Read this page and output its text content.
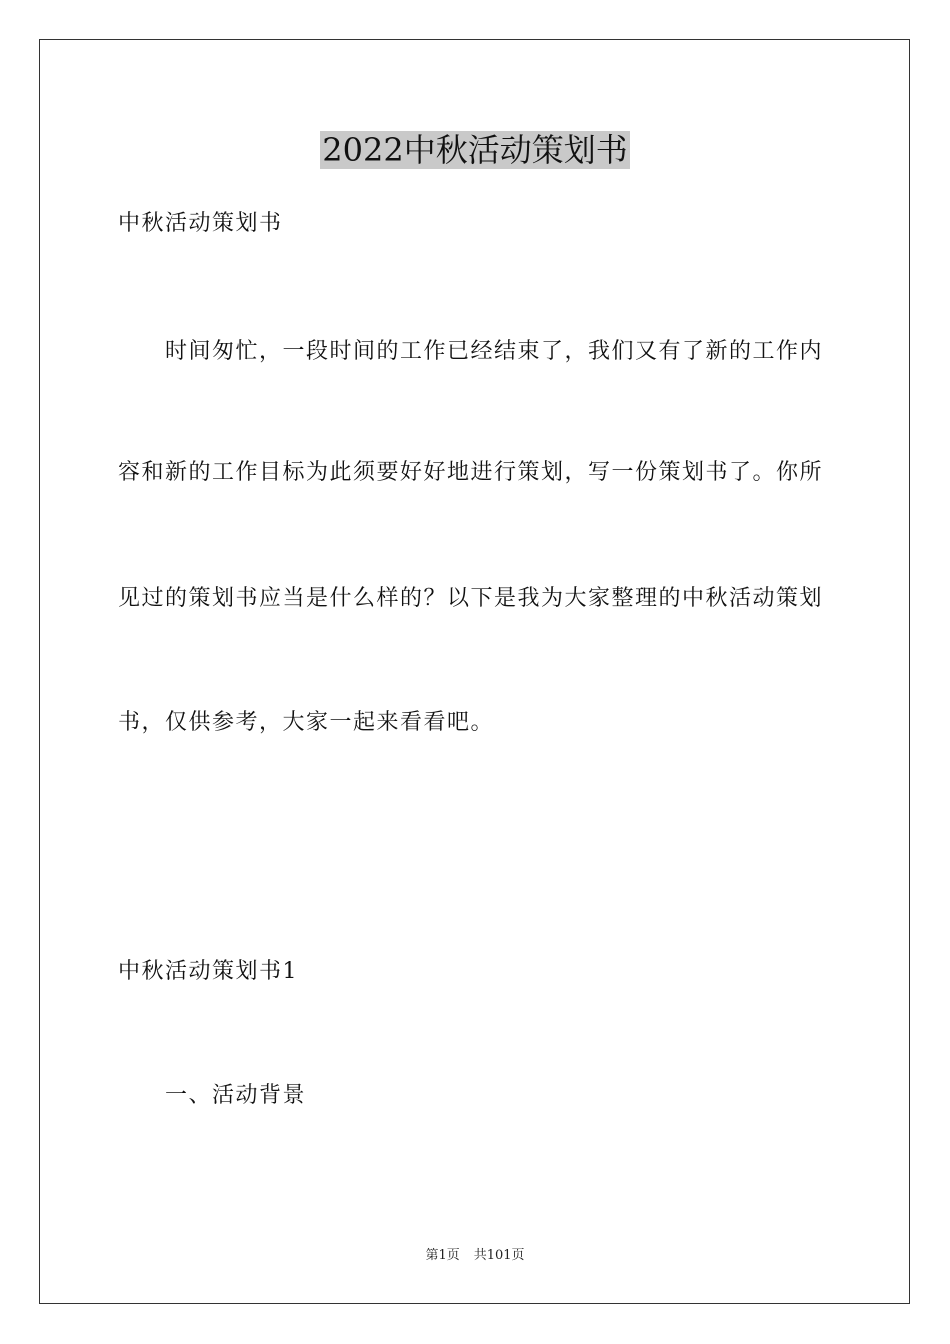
2022中秋活动策划书
中秋活动策划书
时间匆忙，一段时间的工作已经结束了，我们又有了新的工作内
容和新的工作目标为此须要好好地进行策划，写一份策划书了。你所
见过的策划书应当是什么样的？以下是我为大家整理的中秋活动策划
书，仅供参考，大家一起来看看吧。
中秋活动策划书1
一、活动背景
第1页 共101页
